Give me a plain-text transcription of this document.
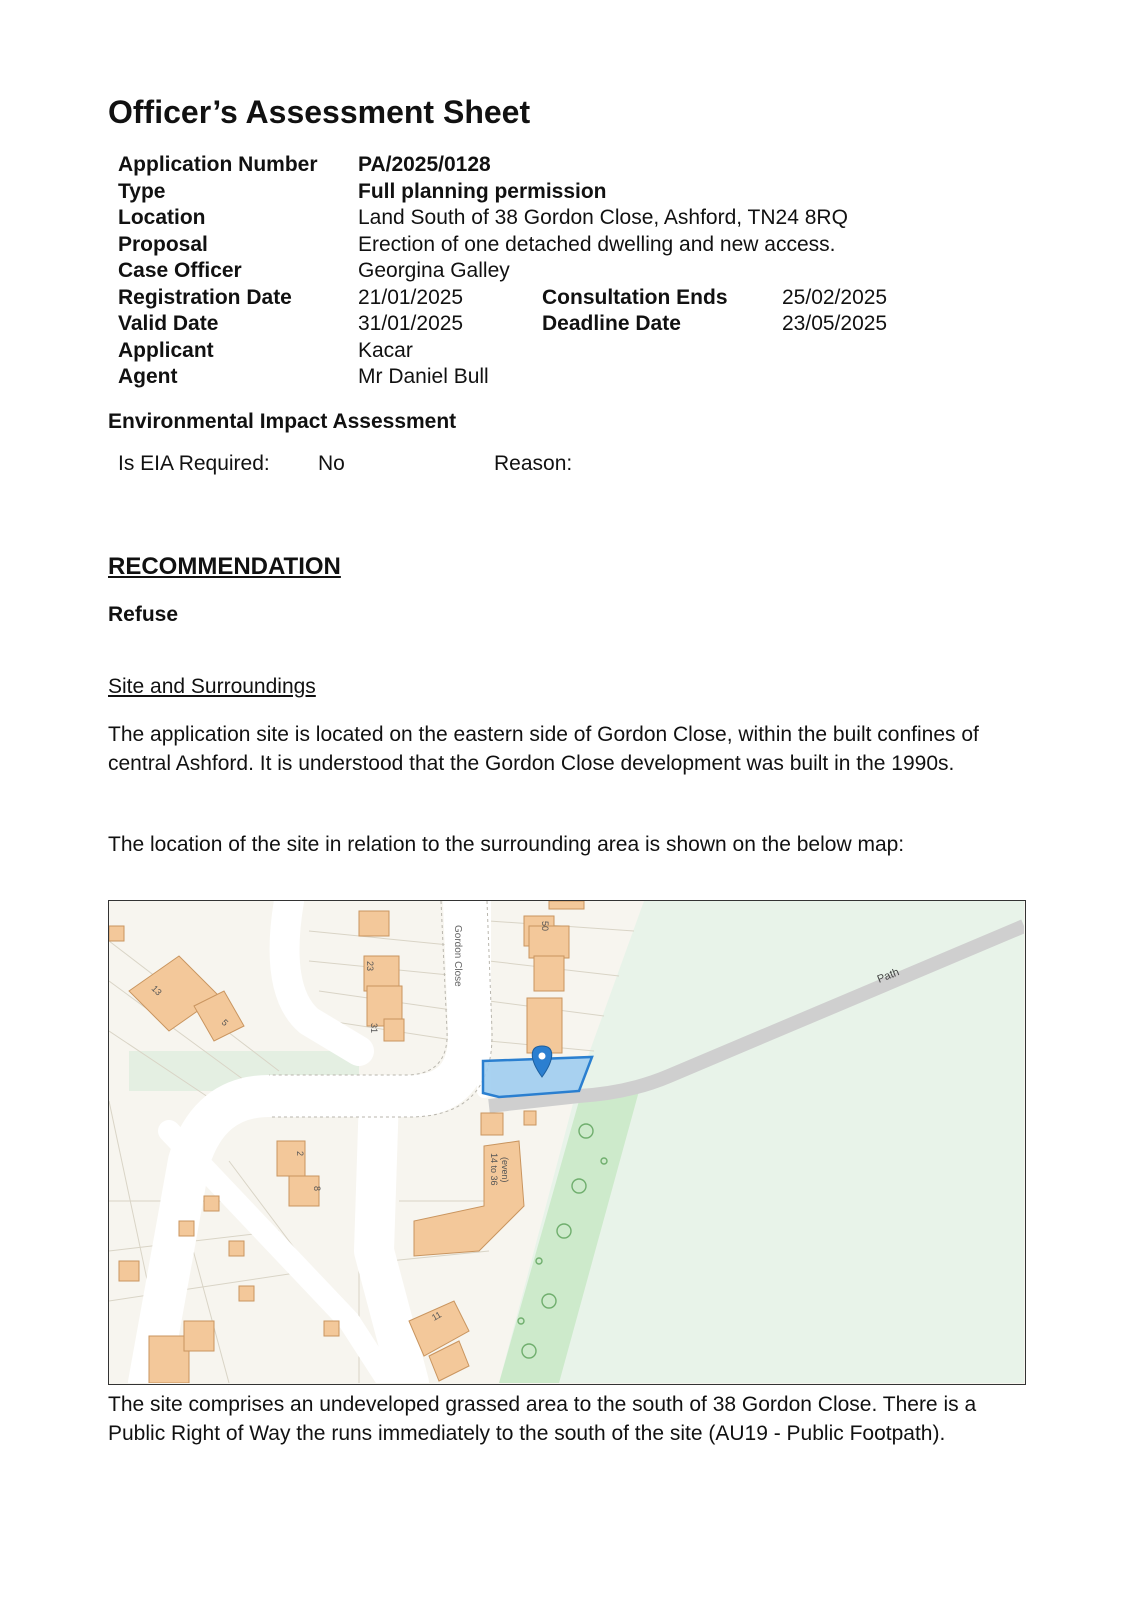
Officer’s Assessment Sheet
Application Number PA/2025/0128
Type	Full planning permission
Location	Land South of 38 Gordon Close, Ashford, TN24 8RQ
Proposal	Erection of one detached dwelling and new access.
Case Officer	Georgina Galley
Registration Date	21/01/2025	Consultation Ends	25/02/2025
Valid Date	31/01/2025	Deadline Date	23/05/2025
Applicant	Kacar
Agent	Mr Daniel Bull
Environmental Impact Assessment
Is EIA Required: No	Reason:
RECOMMENDATION
Refuse
Site and Surroundings

The application site is located on the eastern side of Gordon Close, within the built confines of central Ashford. It is understood that the Gordon Close development was built in the 1990s.

The location of the site in relation to the surrounding area is shown on the below map:

Path
Gordon Close
13
5
23
31
50
2
8
11
14 to 36 (even)

The site comprises an undeveloped grassed area to the south of 38 Gordon Close. There is a Public Right of Way the runs immediately to the south of the site (AU19 - Public Footpath).
